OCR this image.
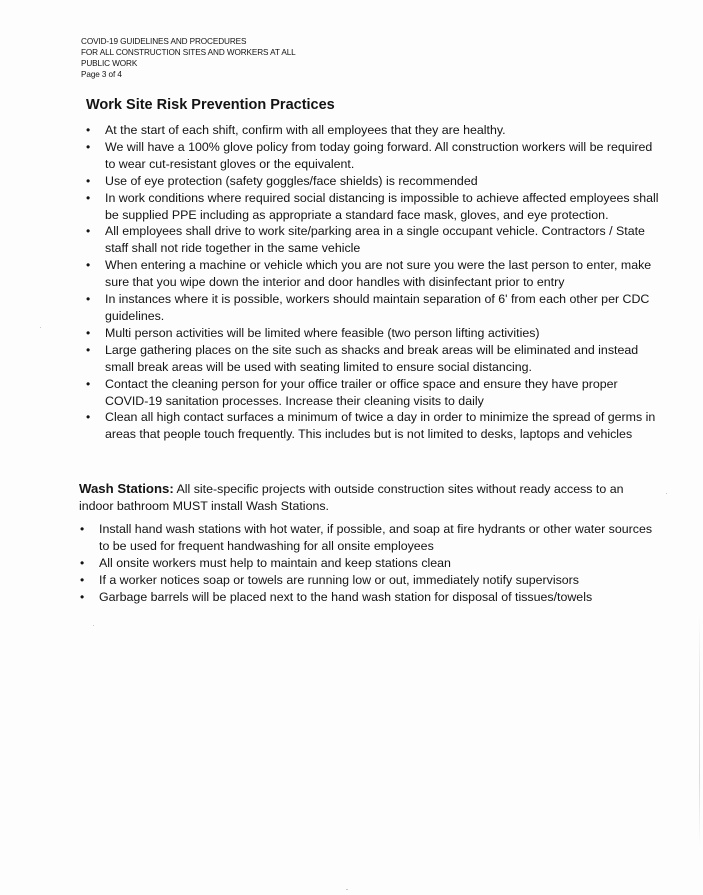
COVID-19 GUIDELINES AND PROCEDURES
FOR ALL CONSTRUCTION SITES AND WORKERS AT ALL
PUBLIC WORK
Page 3 of 4
Work Site Risk Prevention Practices
• At the start of each shift, confirm with all employees that they are healthy.
• We will have a 100% glove policy from today going forward. All construction workers will be required to wear cut-resistant gloves or the equivalent.
• Use of eye protection (safety goggles/face shields) is recommended
• In work conditions where required social distancing is impossible to achieve affected employees shall be supplied PPE including as appropriate a standard face mask, gloves, and eye protection.
• All employees shall drive to work site/parking area in a single occupant vehicle. Contractors / State staff shall not ride together in the same vehicle
• When entering a machine or vehicle which you are not sure you were the last person to enter, make sure that you wipe down the interior and door handles with disinfectant prior to entry
• In instances where it is possible, workers should maintain separation of 6' from each other per CDC guidelines.
• Multi person activities will be limited where feasible (two person lifting activities)
• Large gathering places on the site such as shacks and break areas will be eliminated and instead small break areas will be used with seating limited to ensure social distancing.
• Contact the cleaning person for your office trailer or office space and ensure they have proper COVID-19 sanitation processes. Increase their cleaning visits to daily
• Clean all high contact surfaces a minimum of twice a day in order to minimize the spread of germs in areas that people touch frequently. This includes but is not limited to desks, laptops and vehicles
Wash Stations: All site-specific projects with outside construction sites without ready access to an indoor bathroom MUST install Wash Stations.
• Install hand wash stations with hot water, if possible, and soap at fire hydrants or other water sources to be used for frequent handwashing for all onsite employees
• All onsite workers must help to maintain and keep stations clean
• If a worker notices soap or towels are running low or out, immediately notify supervisors
• Garbage barrels will be placed next to the hand wash station for disposal of tissues/towels
